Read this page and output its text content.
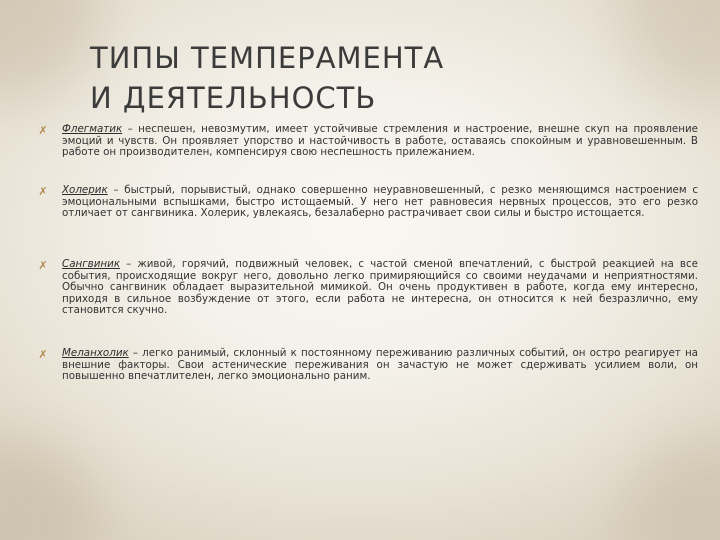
ТИПЫ ТЕМПЕРАМЕНТА
И ДЕЯТЕЛЬНОСТЬ
✗ Флегматик – неспешен, невозмутим, имеет устойчивые стремления и настроение, внешне скуп на проявление эмоций и чувств. Он проявляет упорство и настойчивость в работе, оставаясь спокойным и уравновешенным. В работе он производителен, компенсируя свою неспешность прилежанием.

✗ Холерик – быстрый, порывистый, однако совершенно неуравновешенный, с резко меняющимся настроением с эмоциональными вспышками, быстро истощаемый. У него нет равновесия нервных процессов, это его резко отличает от сангвиника. Холерик, увлекаясь, безалаберно растрачивает свои силы и быстро истощается.

✗ Сангвиник – живой, горячий, подвижный человек, с частой сменой впечатлений, с быстрой реакцией на все события, происходящие вокруг него, довольно легко примиряющийся со своими неудачами и неприятностями. Обычно сангвиник обладает выразительной мимикой. Он очень продуктивен в работе, когда ему интересно, приходя в сильное возбуждение от этого, если работа не интересна, он относится к ней безразлично, ему становится скучно.

✗ Меланхолик – легко ранимый, склонный к постоянному переживанию различных событий, он остро реагирует на внешние факторы. Свои астенические переживания он зачастую не может сдерживать усилием воли, он повышенно впечатлителен, легко эмоционально раним.
